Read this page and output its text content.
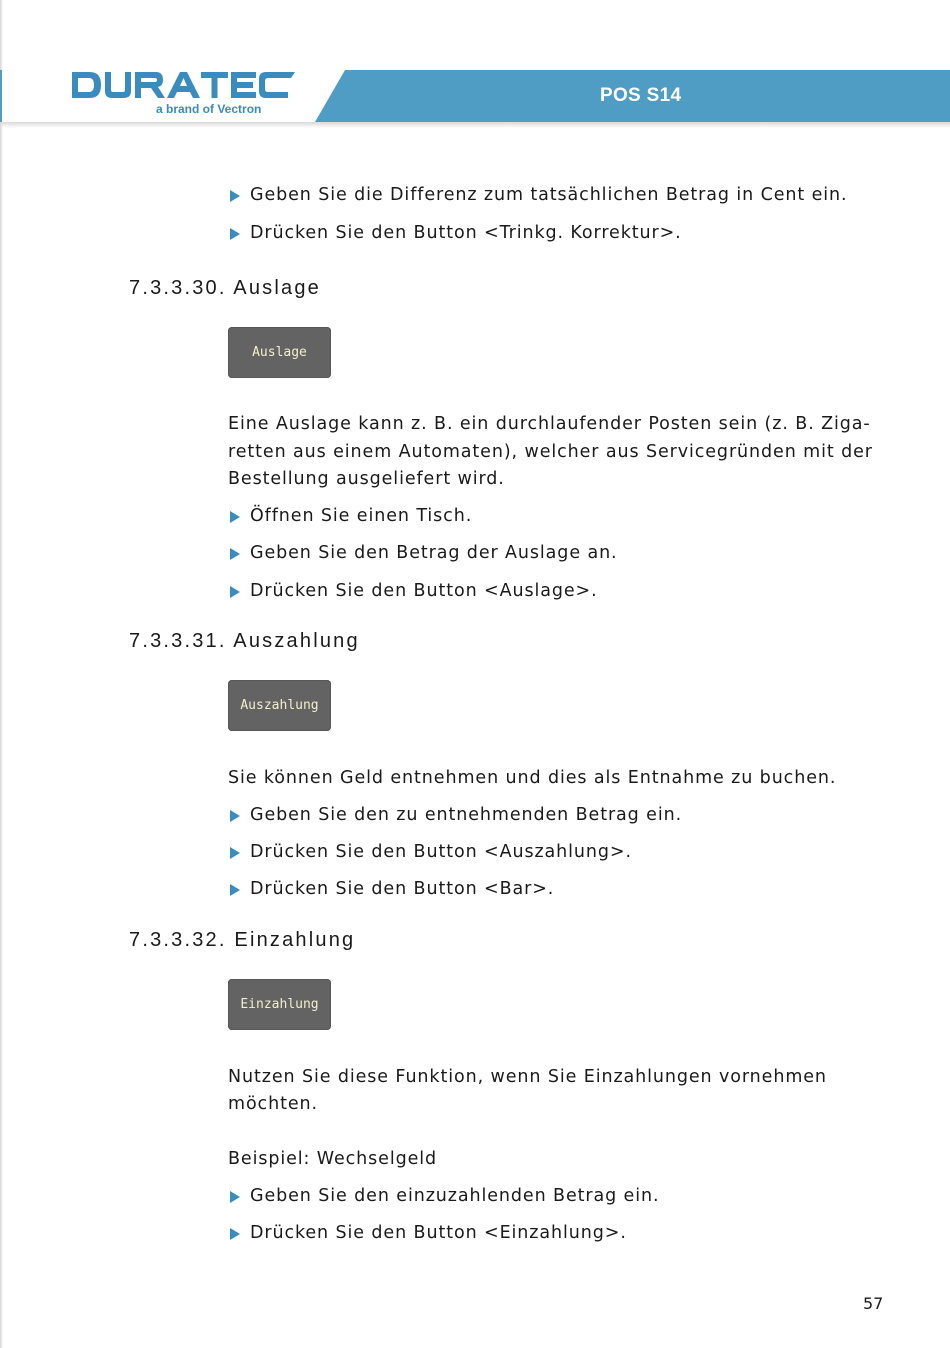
a brand of Vectron
POS S14
Geben Sie die Differenz zum tatsächlichen Betrag in Cent ein.
Drücken Sie den Button <Trinkg. Korrektur>.
7.3.3.30. Auslage
Auslage
Eine Auslage kann z. B. ein durchlaufender Posten sein (z. B. Ziga-
retten aus einem Automaten), welcher aus Servicegründen mit der
Bestellung ausgeliefert wird.
Öffnen Sie einen Tisch.
Geben Sie den Betrag der Auslage an.
Drücken Sie den Button <Auslage>.
7.3.3.31. Auszahlung
Auszahlung
Sie können Geld entnehmen und dies als Entnahme zu buchen.
Geben Sie den zu entnehmenden Betrag ein.
Drücken Sie den Button <Auszahlung>.
Drücken Sie den Button <Bar>.
7.3.3.32. Einzahlung
Einzahlung
Nutzen Sie diese Funktion, wenn Sie Einzahlungen vornehmen
möchten.
Beispiel: Wechselgeld
Geben Sie den einzuzahlenden Betrag ein.
Drücken Sie den Button <Einzahlung>.
57
